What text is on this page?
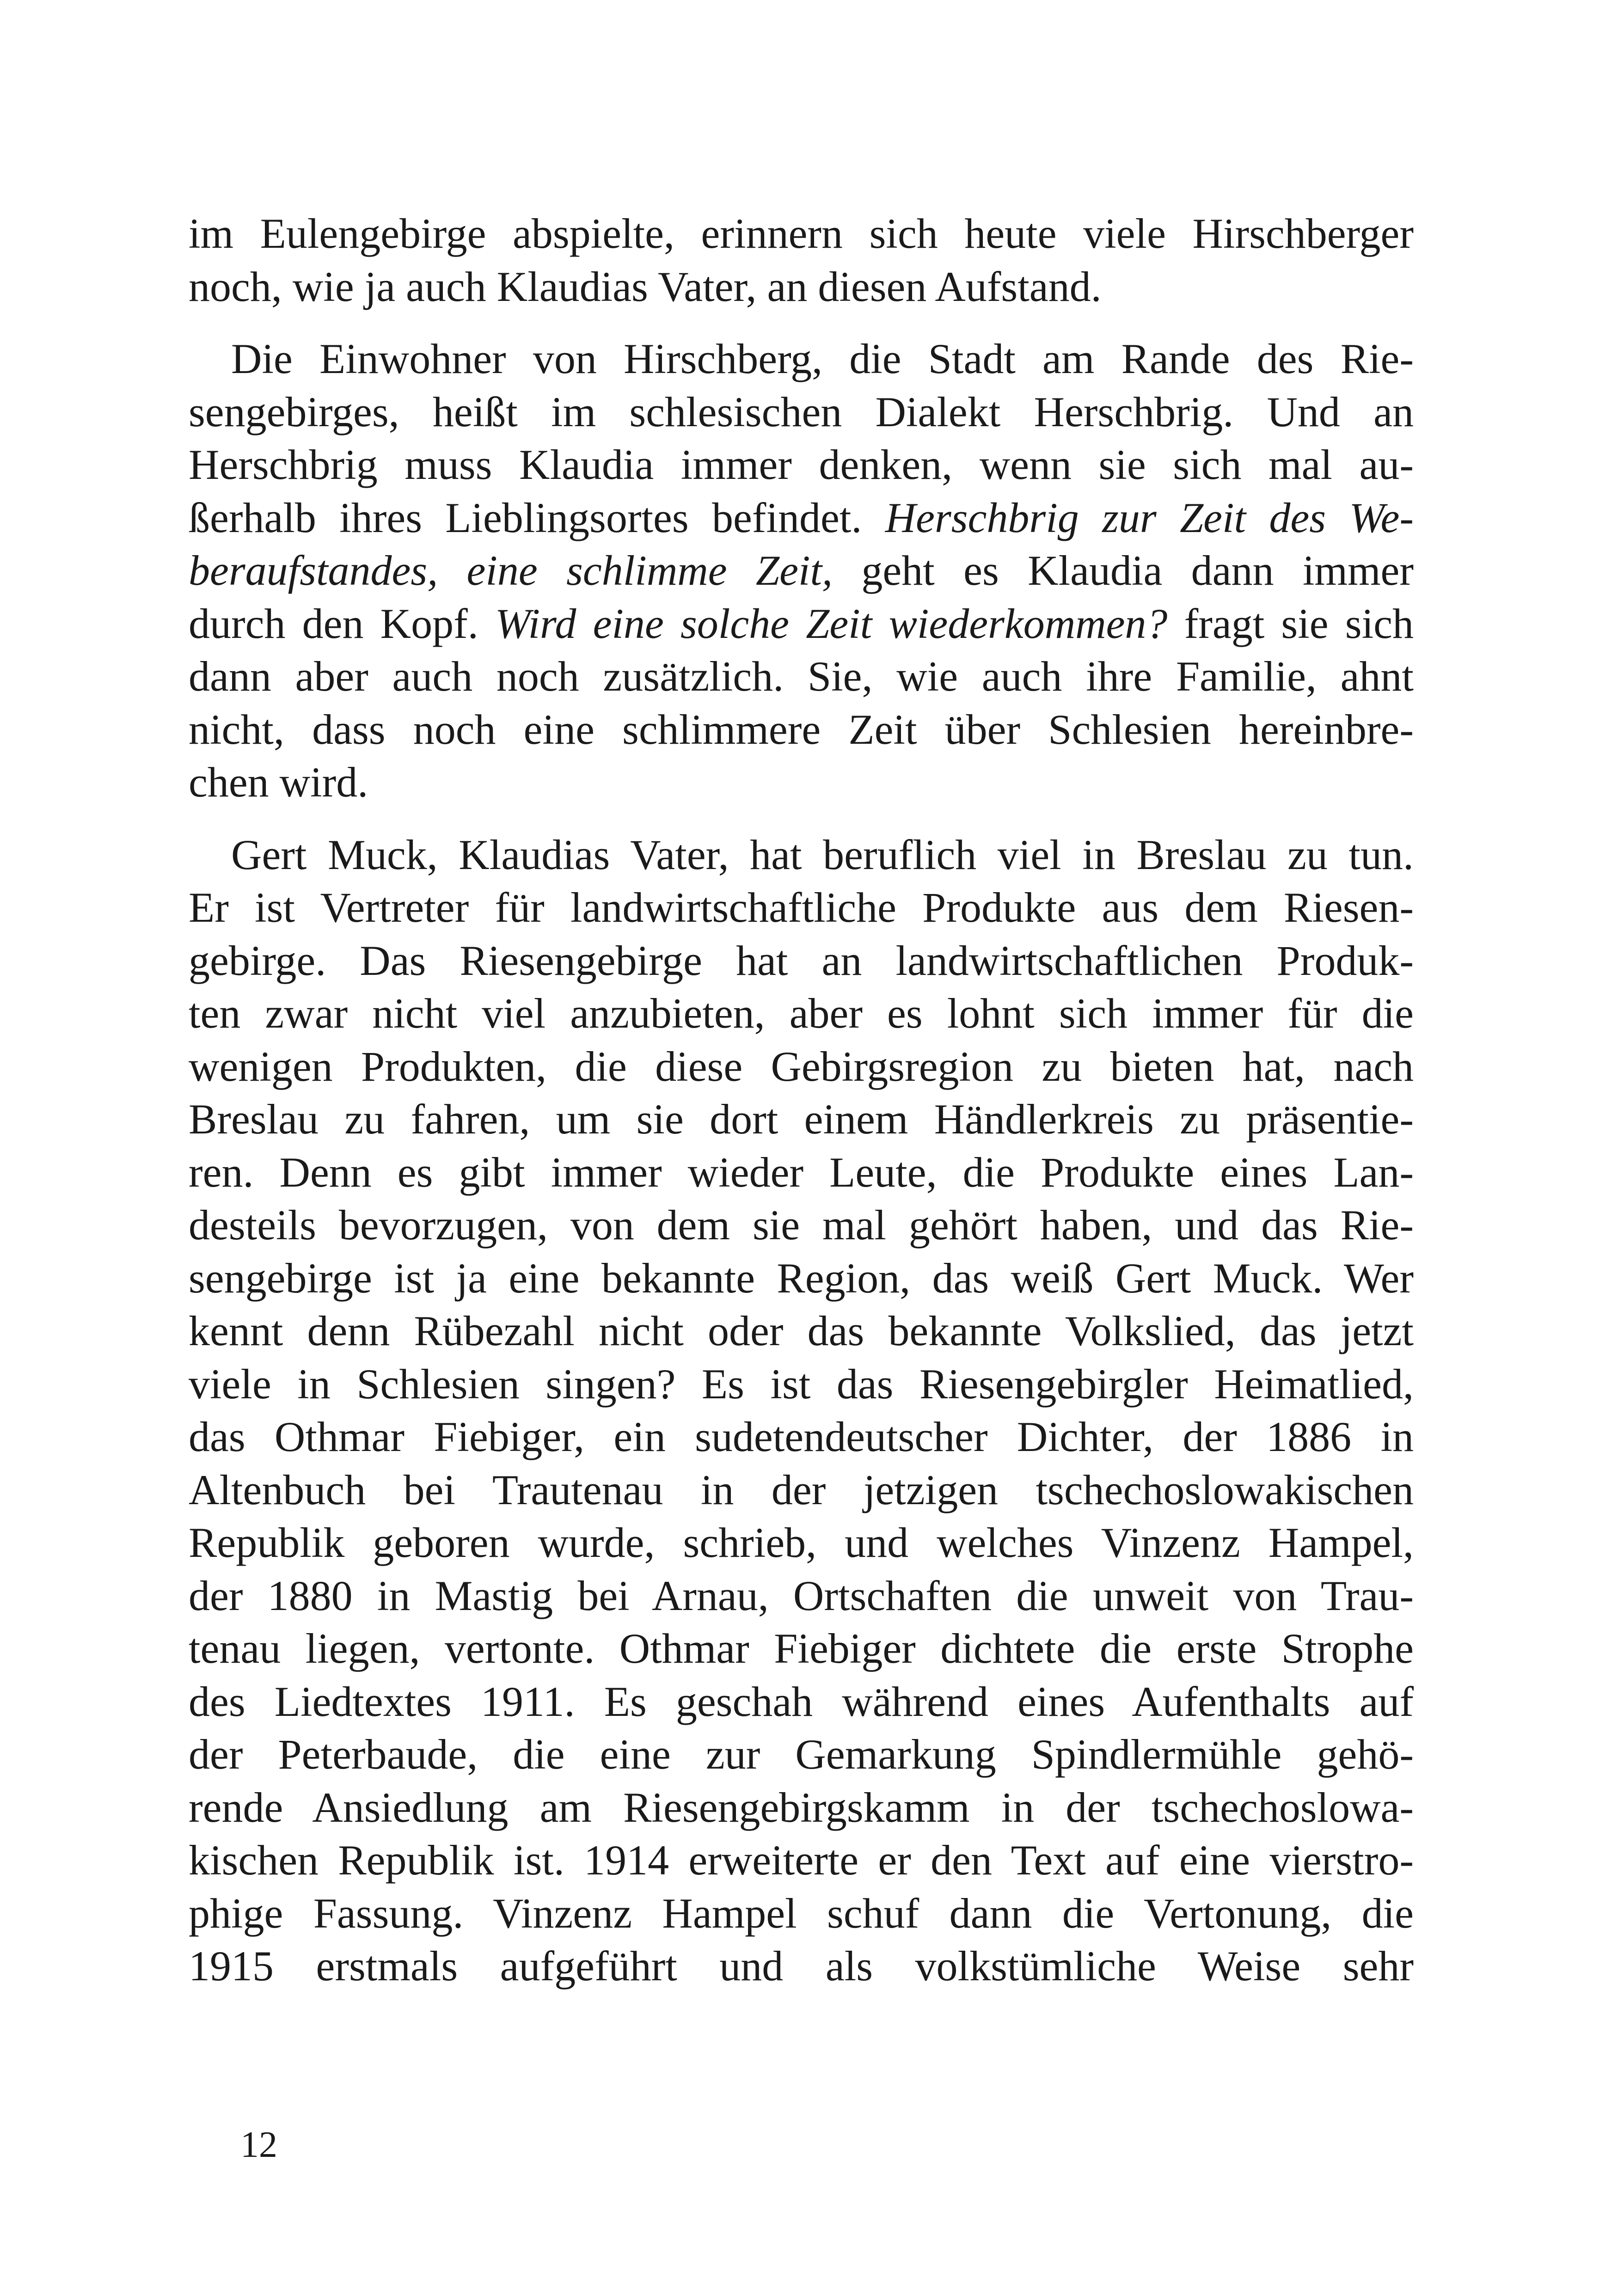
im Eulengebirge abspielte, erinnern sich heute viele Hirschberger
noch, wie ja auch Klaudias Vater, an diesen Aufstand.
Die Einwohner von Hirschberg, die Stadt am Rande des Rie-
sengebirges, heißt im schlesischen Dialekt Herschbrig. Und an
Herschbrig muss Klaudia immer denken, wenn sie sich mal au-
ßerhalb ihres Lieblingsortes befindet. Herschbrig zur Zeit des We-
beraufstandes, eine schlimme Zeit, geht es Klaudia dann immer
durch den Kopf. Wird eine solche Zeit wiederkommen? fragt sie sich
dann aber auch noch zusätzlich. Sie, wie auch ihre Familie, ahnt
nicht, dass noch eine schlimmere Zeit über Schlesien hereinbre-
chen wird.
Gert Muck, Klaudias Vater, hat beruflich viel in Breslau zu tun.
Er ist Vertreter für landwirtschaftliche Produkte aus dem Riesen-
gebirge. Das Riesengebirge hat an landwirtschaftlichen Produk-
ten zwar nicht viel anzubieten, aber es lohnt sich immer für die
wenigen Produkten, die diese Gebirgsregion zu bieten hat, nach
Breslau zu fahren, um sie dort einem Händlerkreis zu präsentie-
ren. Denn es gibt immer wieder Leute, die Produkte eines Lan-
desteils bevorzugen, von dem sie mal gehört haben, und das Rie-
sengebirge ist ja eine bekannte Region, das weiß Gert Muck. Wer
kennt denn Rübezahl nicht oder das bekannte Volkslied, das jetzt
viele in Schlesien singen? Es ist das Riesengebirgler Heimatlied,
das Othmar Fiebiger, ein sudetendeutscher Dichter, der 1886 in
Altenbuch bei Trautenau in der jetzigen tschechoslowakischen
Republik geboren wurde, schrieb, und welches Vinzenz Hampel,
der 1880 in Mastig bei Arnau, Ortschaften die unweit von Trau-
tenau liegen, vertonte. Othmar Fiebiger dichtete die erste Strophe
des Liedtextes 1911. Es geschah während eines Aufenthalts auf
der Peterbaude, die eine zur Gemarkung Spindlermühle gehö-
rende Ansiedlung am Riesengebirgskamm in der tschechoslowa-
kischen Republik ist. 1914 erweiterte er den Text auf eine vierstro-
phige Fassung. Vinzenz Hampel schuf dann die Vertonung, die
1915 erstmals aufgeführt und als volkstümliche Weise sehr
12
